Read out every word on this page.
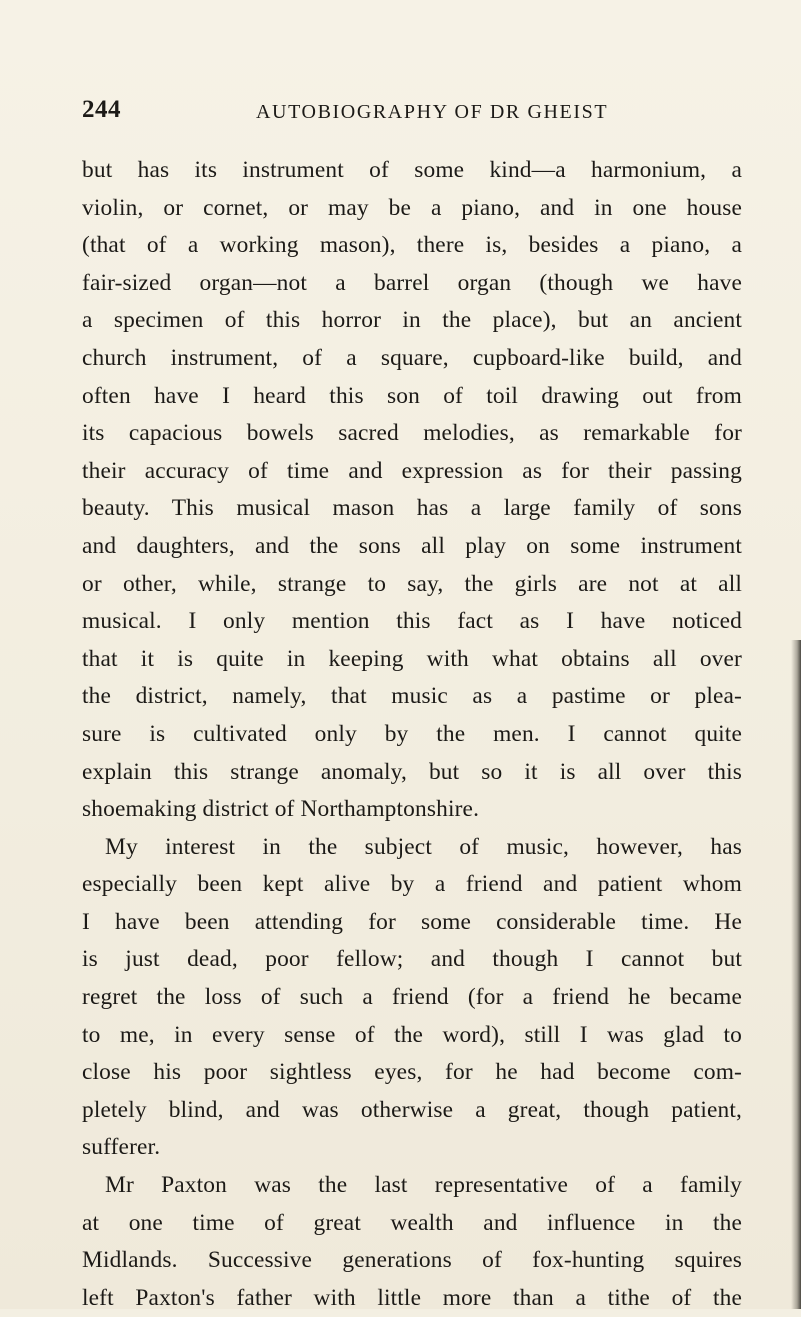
244	AUTOBIOGRAPHY OF DR GHEIST
but has its instrument of some kind—a harmonium, a
violin, or cornet, or may be a piano, and in one house
(that of a working mason), there is, besides a piano, a
fair-sized organ—not a barrel organ (though we have
a specimen of this horror in the place), but an ancient
church instrument, of a square, cupboard-like build, and
often have I heard this son of toil drawing out from
its capacious bowels sacred melodies, as remarkable for
their accuracy of time and expression as for their passing
beauty. This musical mason has a large family of sons
and daughters, and the sons all play on some instrument
or other, while, strange to say, the girls are not at all
musical. I only mention this fact as I have noticed
that it is quite in keeping with what obtains all over
the district, namely, that music as a pastime or plea-
sure is cultivated only by the men. I cannot quite
explain this strange anomaly, but so it is all over this
shoemaking district of Northamptonshire.
My interest in the subject of music, however, has
especially been kept alive by a friend and patient whom
I have been attending for some considerable time. He
is just dead, poor fellow; and though I cannot but
regret the loss of such a friend (for a friend he became
to me, in every sense of the word), still I was glad to
close his poor sightless eyes, for he had become com-
pletely blind, and was otherwise a great, though patient,
sufferer.
Mr Paxton was the last representative of a family
at one time of great wealth and influence in the
Midlands. Successive generations of fox-hunting squires
left Paxton's father with little more than a tithe of the
